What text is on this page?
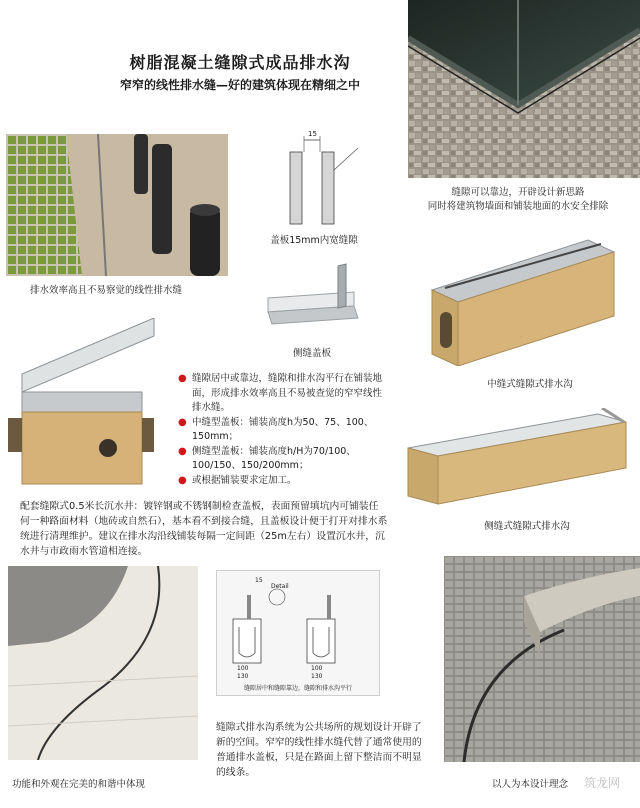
树脂混凝土缝隙式成品排水沟
窄窄的线性排水缝—好的建筑体现在精细之中
缝隙可以靠边，开辟设计新思路
同时将建筑物墙面和铺装地面的水安全排除
排水效率高且不易察觉的线性排水缝
15
盖板15mm内宽缝隙
侧缝盖板
中缝式缝隙式排水沟
● 缝隙居中或靠边，缝隙和排水沟平行在铺装地面，形成排水效率高且不易被查觉的窄窄线性排水缝。
● 中缝型盖板：铺装高度h为50、75、100、150mm；
● 侧缝型盖板：铺装高度h/H为70/100、100/150、150/200mm；
● 或根据铺装要求定加工。
侧缝式缝隙式排水沟
配套缝隙式0.5米长沉水井：镀锌钢或不锈钢制检查盖板，表面预留填坑内可铺装任何一种路面材料（地砖或自然石），基本看不到接合缝，且盖板设计便于打开对排水系统进行清理维护。建议在排水沟沿线铺装每隔一定间距（25m左右）设置沉水井，沉水井与市政雨水管道相连接。
功能和外观在完美的和谐中体现
15
Detail
100
130
100
130
缝隙居中和缝隙靠边，缝隙和排水沟平行
缝隙式排水沟系统为公共场所的规划设计开辟了新的空间。窄窄的线性排水缝代替了通常使用的普通排水盖板，只是在路面上留下整洁而不明显的线条。
以人为本设计理念	筑龙网
